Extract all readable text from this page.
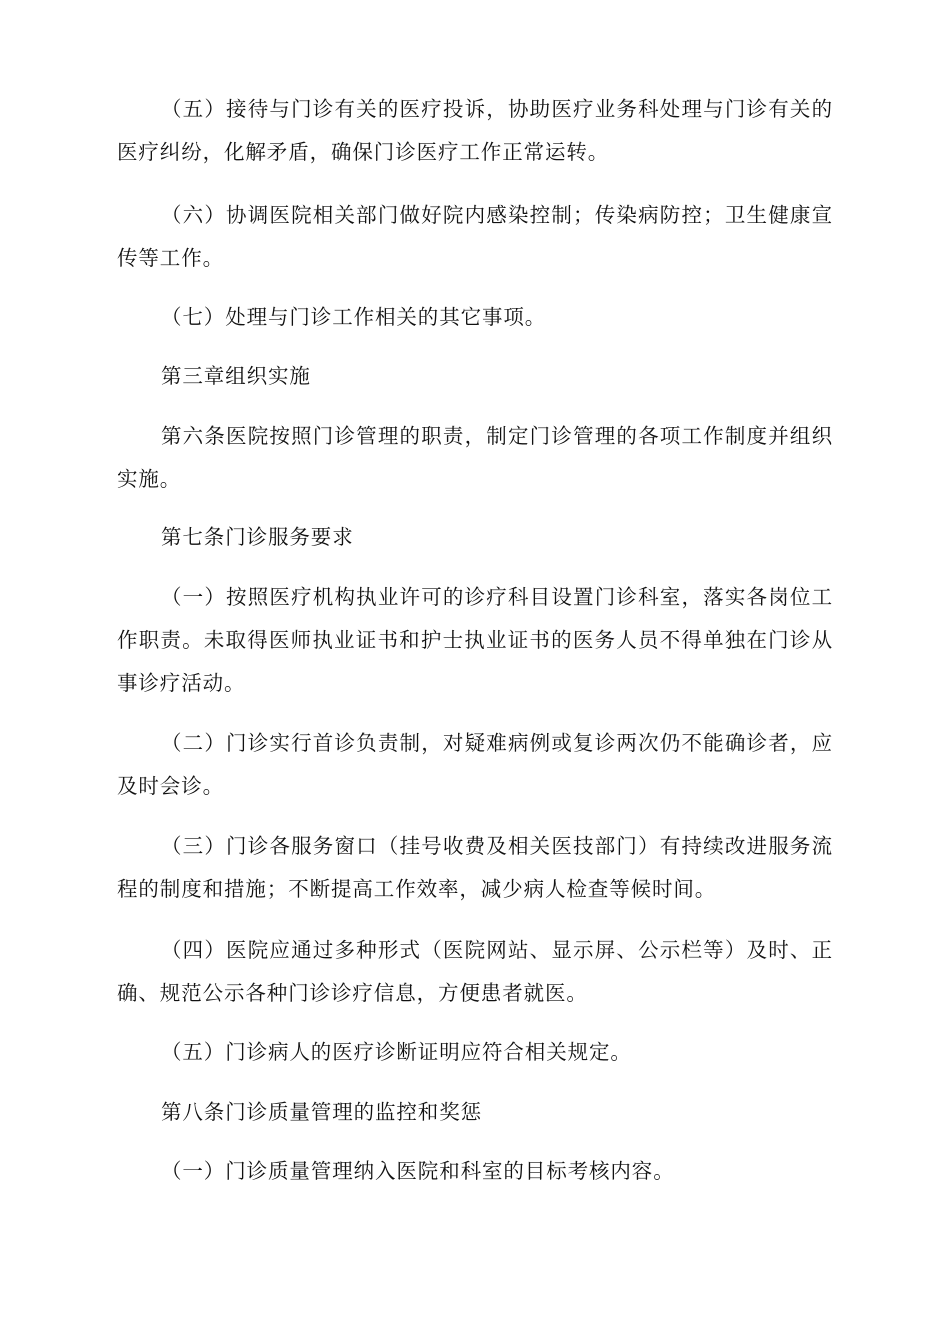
（五）接待与门诊有关的医疗投诉，协助医疗业务科处理与门诊有关的医疗纠纷，化解矛盾，确保门诊医疗工作正常运转。

（六）协调医院相关部门做好院内感染控制；传染病防控；卫生健康宣传等工作。

（七）处理与门诊工作相关的其它事项。

第三章组织实施

第六条医院按照门诊管理的职责，制定门诊管理的各项工作制度并组织实施。

第七条门诊服务要求

（一）按照医疗机构执业许可的诊疗科目设置门诊科室，落实各岗位工作职责。未取得医师执业证书和护士执业证书的医务人员不得单独在门诊从事诊疗活动。

（二）门诊实行首诊负责制，对疑难病例或复诊两次仍不能确诊者，应及时会诊。

（三）门诊各服务窗口（挂号收费及相关医技部门）有持续改进服务流程的制度和措施；不断提高工作效率，减少病人检查等候时间。

（四）医院应通过多种形式（医院网站、显示屏、公示栏等）及时、正确、规范公示各种门诊诊疗信息，方便患者就医。

（五）门诊病人的医疗诊断证明应符合相关规定。

第八条门诊质量管理的监控和奖惩

（一）门诊质量管理纳入医院和科室的目标考核内容。
